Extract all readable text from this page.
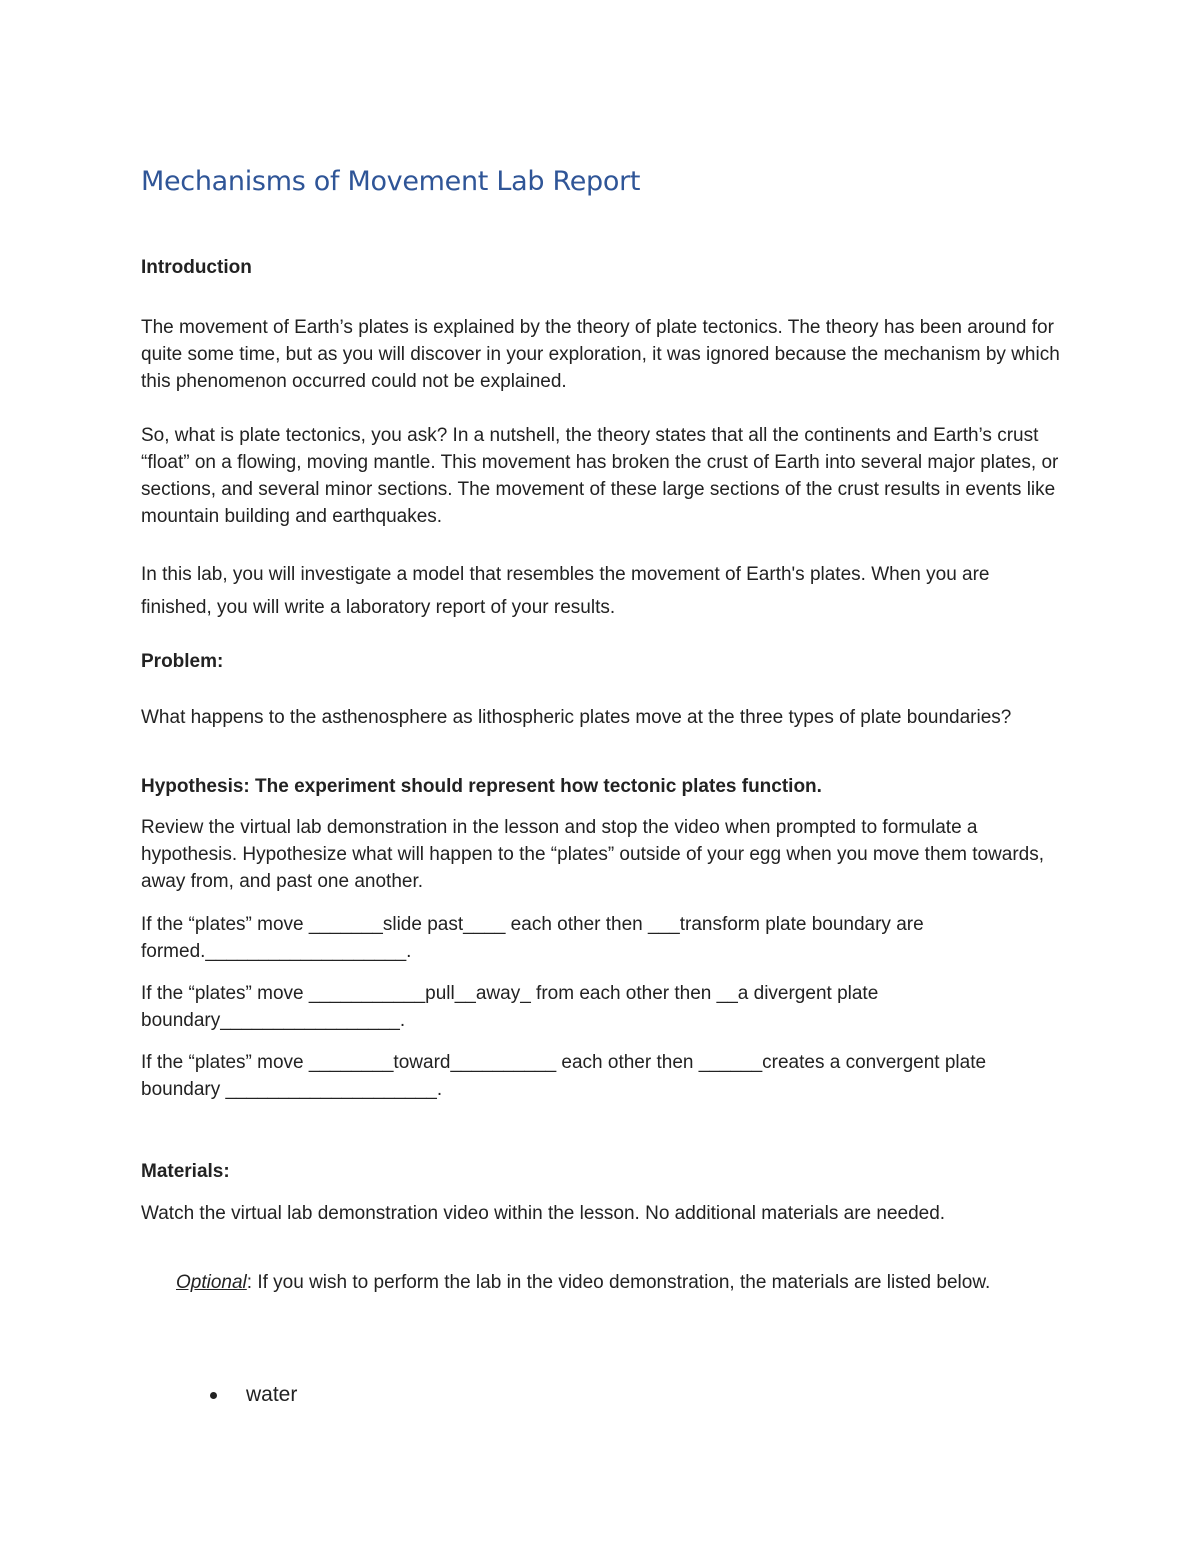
Mechanisms of Movement Lab Report

Introduction

The movement of Earth’s plates is explained by the theory of plate tectonics. The theory has been around for quite some time, but as you will discover in your exploration, it was ignored because the mechanism by which this phenomenon occurred could not be explained.

So, what is plate tectonics, you ask? In a nutshell, the theory states that all the continents and Earth’s crust “float” on a flowing, moving mantle. This movement has broken the crust of Earth into several major plates, or sections, and several minor sections. The movement of these large sections of the crust results in events like mountain building and earthquakes.

In this lab, you will investigate a model that resembles the movement of Earth's plates. When you are finished, you will write a laboratory report of your results.

Problem:

What happens to the asthenosphere as lithospheric plates move at the three types of plate boundaries?

Hypothesis: The experiment should represent how tectonic plates function.

Review the virtual lab demonstration in the lesson and stop the video when prompted to formulate a hypothesis. Hypothesize what will happen to the “plates” outside of your egg when you move them towards, away from, and past one another.

If the “plates” move _______slide past____ each other then ___transform plate boundary are formed.___________________.

If the “plates” move ___________pull__away_ from each other then __a divergent plate boundary_________________.

If the “plates” move ________toward__________ each other then ______creates a convergent plate boundary ____________________.

Materials:

Watch the virtual lab demonstration video within the lesson. No additional materials are needed.

Optional: If you wish to perform the lab in the video demonstration, the materials are listed below.

water
